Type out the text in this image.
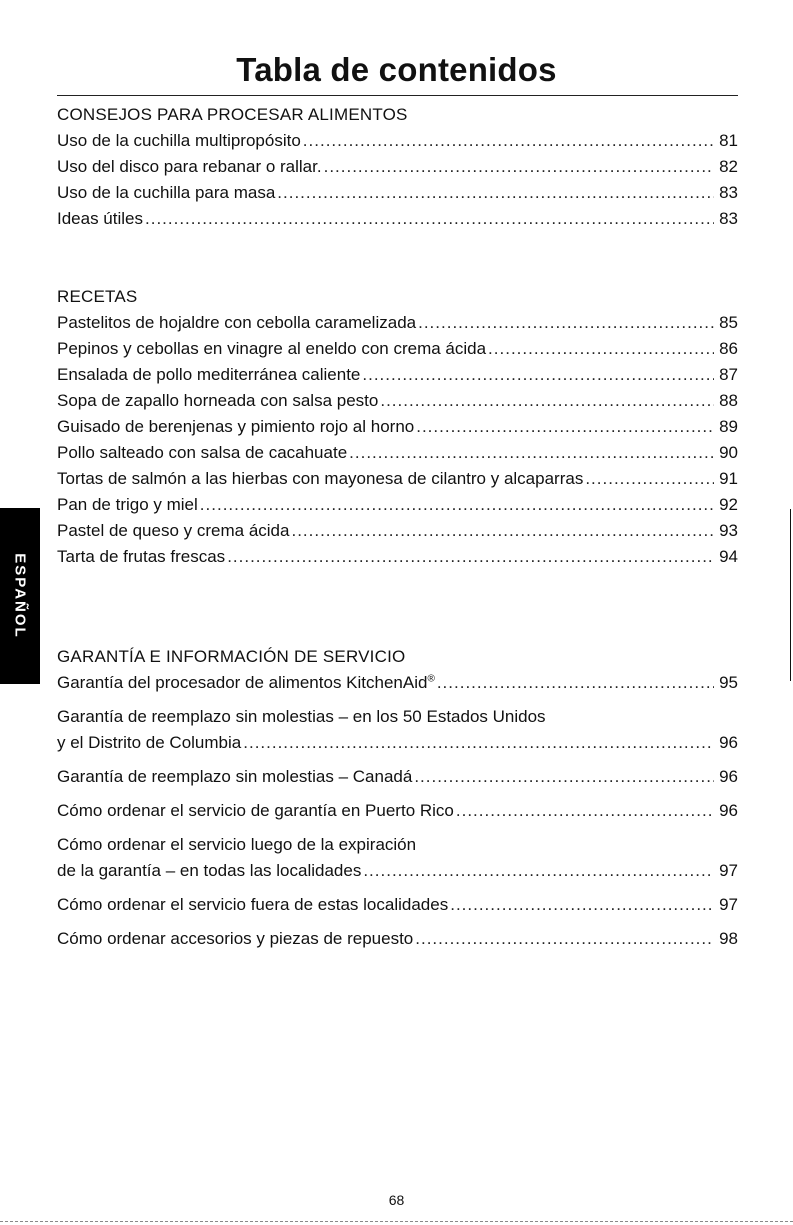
Tabla de contenidos
CONSEJOS PARA PROCESAR ALIMENTOS
Uso de la cuchilla multipropósito .....	81
Uso del disco para rebanar o rallar. .....	82
Uso de la cuchilla para masa .....	83
Ideas útiles .....	83
RECETAS
Pastelitos de hojaldre con cebolla caramelizada .....	85
Pepinos y cebollas en vinagre al eneldo con crema ácida .....	86
Ensalada de pollo mediterránea caliente .....	87
Sopa de zapallo horneada con salsa pesto .....	88
Guisado de berenjenas y pimiento rojo al horno .....	89
Pollo salteado con salsa de cacahuate .....	90
Tortas de salmón a las hierbas con mayonesa de cilantro y alcaparras .....	91
Pan de trigo y miel .....	92
Pastel de queso y crema ácida .....	93
Tarta de frutas frescas .....	94
GARANTÍA E INFORMACIÓN DE SERVICIO
Garantía del procesador de alimentos KitchenAid® .....	95
Garantía de reemplazo sin molestias – en los 50 Estados Unidos
y el Distrito de Columbia .....	96
Garantía de reemplazo sin molestias – Canadá .....	96
Cómo ordenar el servicio de garantía en Puerto Rico .....	96
Cómo ordenar el servicio luego de la expiración
de la garantía – en todas las localidades .....	97
Cómo ordenar el servicio fuera de estas localidades .....	97
Cómo ordenar accesorios y piezas de repuesto .....	98
ESPAÑOL
68
